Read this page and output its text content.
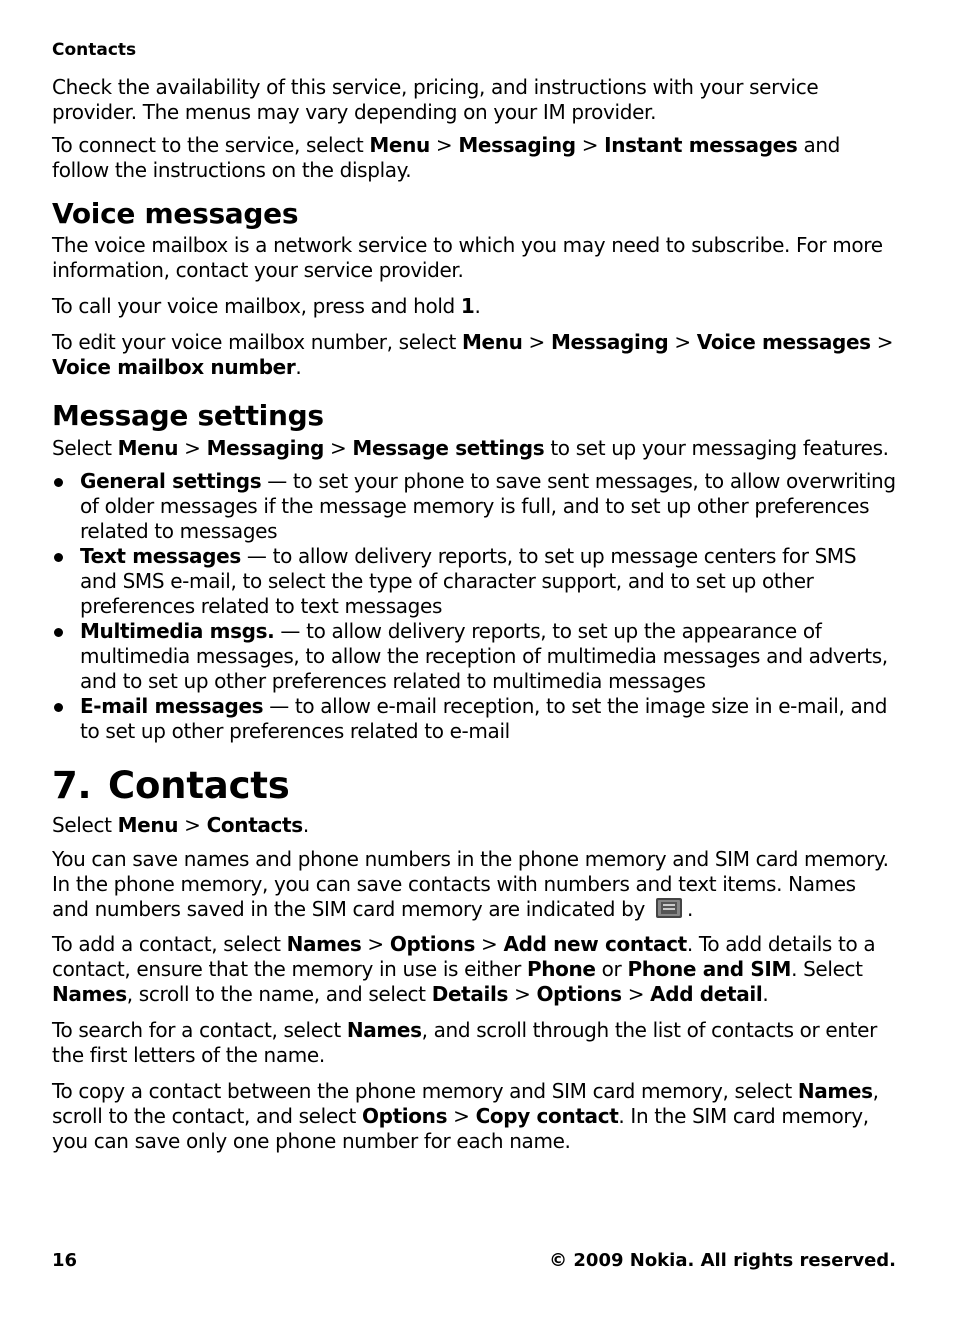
Contacts

Check the availability of this service, pricing, and instructions with your service provider. The menus may vary depending on your IM provider.

To connect to the service, select Menu > Messaging > Instant messages and follow the instructions on the display.

Voice messages

The voice mailbox is a network service to which you may need to subscribe. For more information, contact your service provider.

To call your voice mailbox, press and hold 1.

To edit your voice mailbox number, select Menu > Messaging > Voice messages > Voice mailbox number.

Message settings

Select Menu > Messaging > Message settings to set up your messaging features.

General settings — to set your phone to save sent messages, to allow overwriting of older messages if the message memory is full, and to set up other preferences related to messages
Text messages — to allow delivery reports, to set up message centers for SMS and SMS e-mail, to select the type of character support, and to set up other preferences related to text messages
Multimedia msgs. — to allow delivery reports, to set up the appearance of multimedia messages, to allow the reception of multimedia messages and adverts, and to set up other preferences related to multimedia messages
E-mail messages — to allow e-mail reception, to set the image size in e-mail, and to set up other preferences related to e-mail
7. Contacts

Select Menu > Contacts.

You can save names and phone numbers in the phone memory and SIM card memory. In the phone memory, you can save contacts with numbers and text items. Names and numbers saved in the SIM card memory are indicated by .

To add a contact, select Names > Options > Add new contact. To add details to a contact, ensure that the memory in use is either Phone or Phone and SIM. Select Names, scroll to the name, and select Details > Options > Add detail.

To search for a contact, select Names, and scroll through the list of contacts or enter the first letters of the name.

To copy a contact between the phone memory and SIM card memory, select Names, scroll to the contact, and select Options > Copy contact. In the SIM card memory, you can save only one phone number for each name.

16	© 2009 Nokia. All rights reserved.
